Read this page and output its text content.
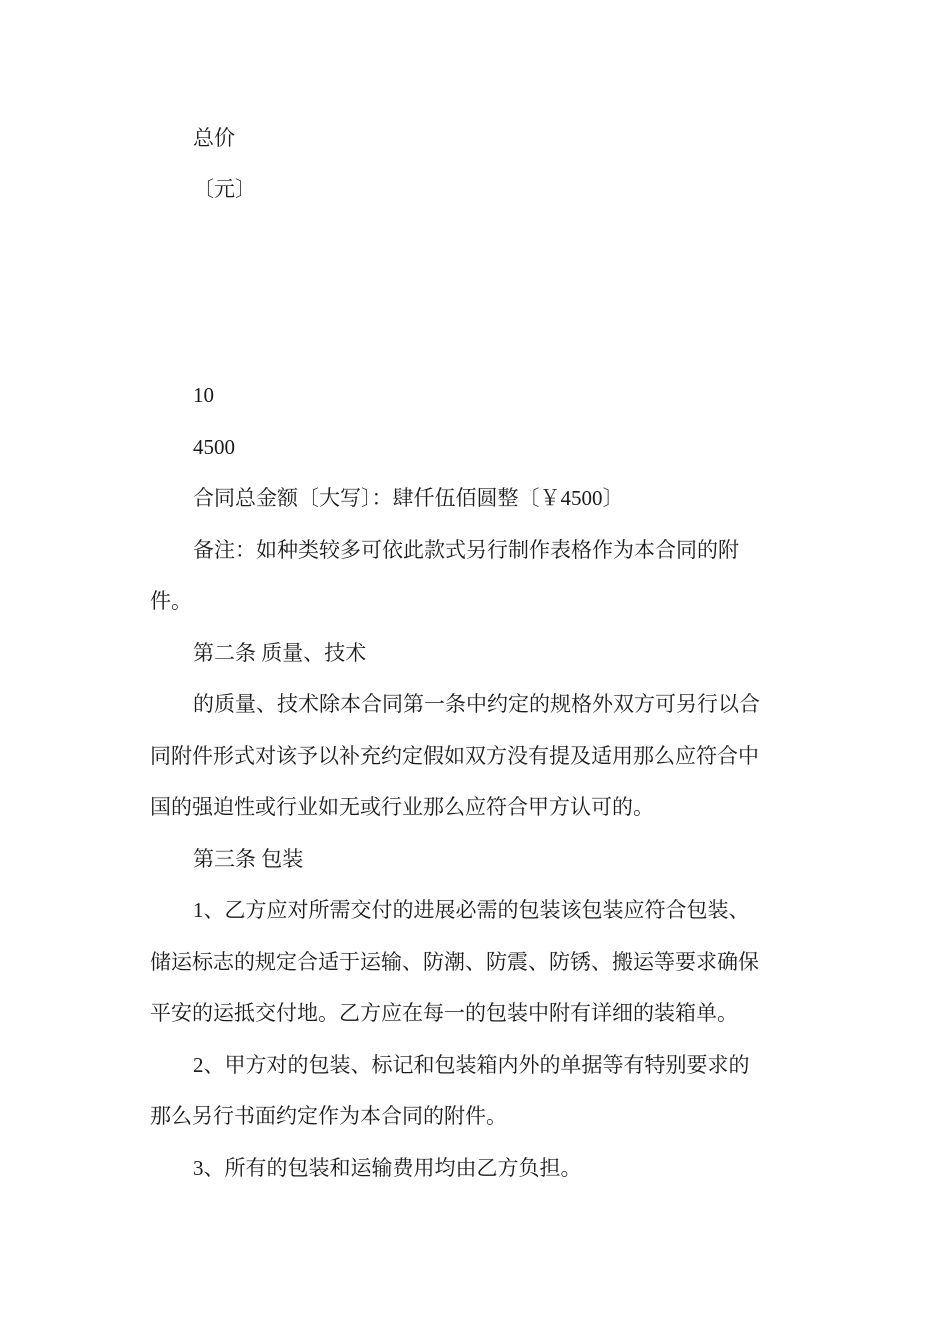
总价

〔元〕

10

4500

合同总金额〔大写〕：肆仟伍佰圆整〔￥4500〕

备注：如种类较多可依此款式另行制作表格作为本合同的附

件。

第二条 质量、技术

的质量、技术除本合同第一条中约定的规格外双方可另行以合

同附件形式对该予以补充约定假如双方没有提及适用那么应符合中

国的强迫性或行业如无或行业那么应符合甲方认可的。

第三条 包装

1、乙方应对所需交付的进展必需的包装该包装应符合包装、

储运标志的规定合适于运输、防潮、防震、防锈、搬运等要求确保

平安的运抵交付地。乙方应在每一的包装中附有详细的装箱单。

2、甲方对的包装、标记和包装箱内外的单据等有特别要求的

那么另行书面约定作为本合同的附件。

3、所有的包装和运输费用均由乙方负担。
